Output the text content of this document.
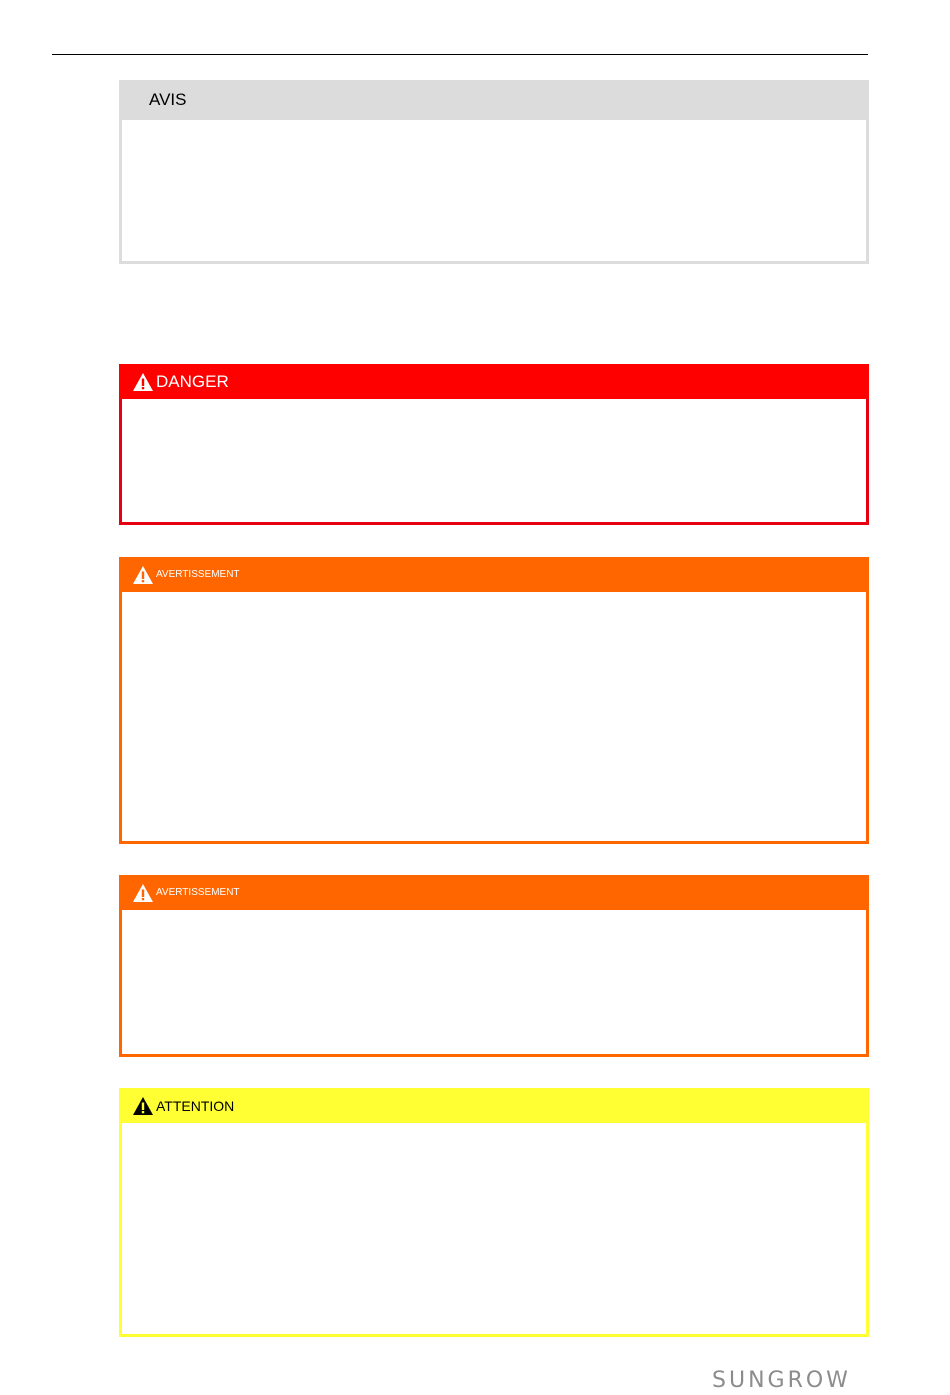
AVIS
DANGER
AVERTISSEMENT
AVERTISSEMENT
ATTENTION
SUNGROW
